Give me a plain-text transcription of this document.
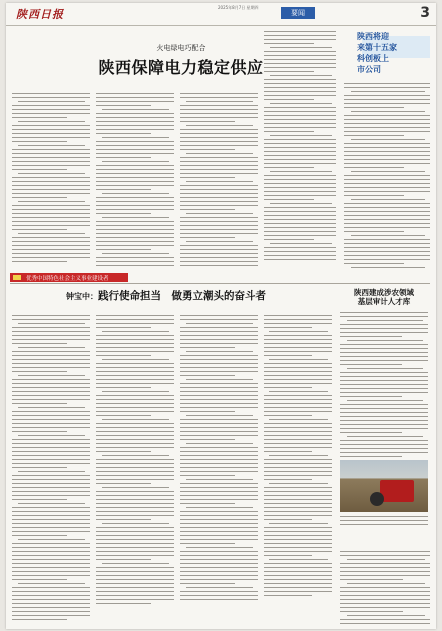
陕西日报
2025年8月7日 星期四
要闻	3
火电绿电巧配合
陕西保障电力稳定供应
陕西将迎
来第十五家
科创板上
市公司
优秀中国特色社会主义事业建设者
钟宝中：践行使命担当　做勇立潮头的奋斗者	陕西建成涉农领域
基层审计人才库
